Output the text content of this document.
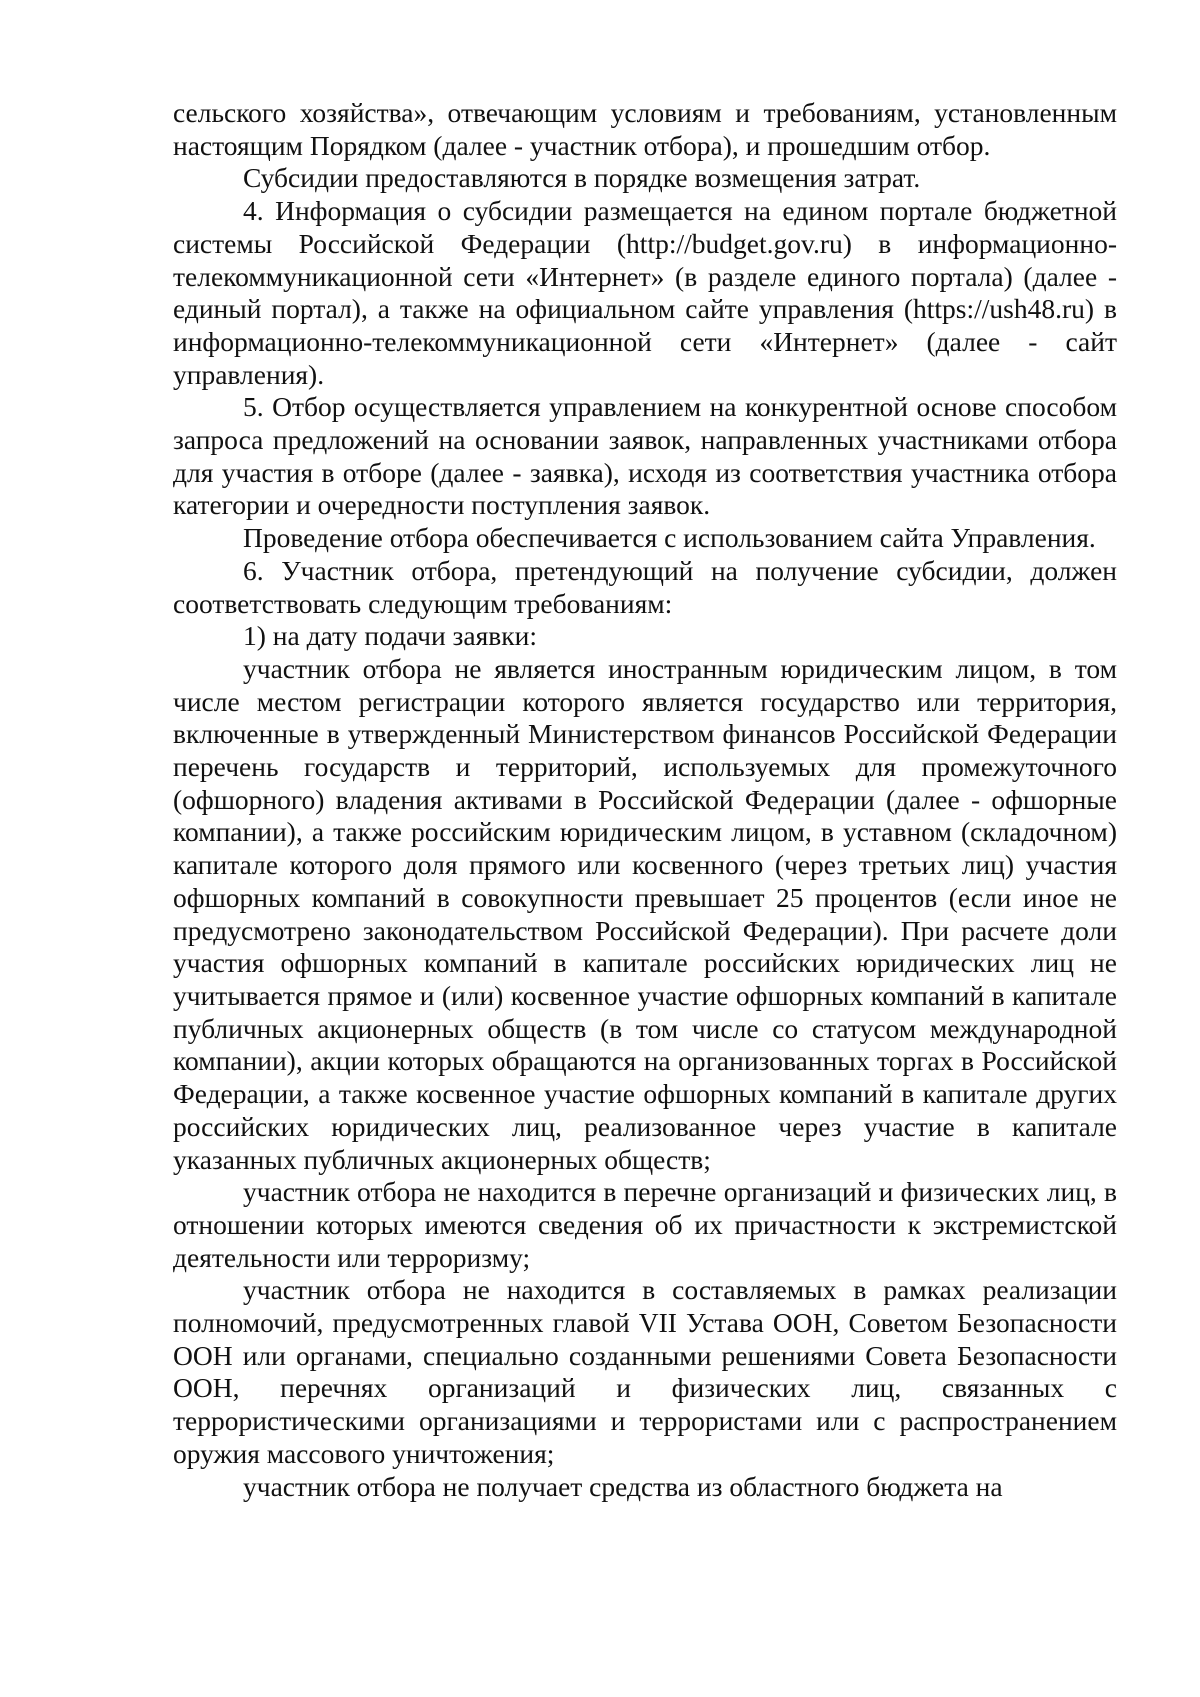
сельского хозяйства», отвечающим условиям и требованиям, установленным настоящим Порядком (далее - участник отбора), и прошедшим отбор.

Субсидии предоставляются в порядке возмещения затрат.

4. Информация о субсидии размещается на едином портале бюджетной системы Российской Федерации (http://budget.gov.ru) в информационно-телекоммуникационной сети «Интернет» (в разделе единого портала) (далее - единый портал), а также на официальном сайте управления (https://ush48.ru) в информационно-телекоммуникационной сети «Интернет» (далее - сайт управления).

5. Отбор осуществляется управлением на конкурентной основе способом запроса предложений на основании заявок, направленных участниками отбора для участия в отборе (далее - заявка), исходя из соответствия участника отбора категории и очередности поступления заявок.

Проведение отбора обеспечивается с использованием сайта Управления.

6. Участник отбора, претендующий на получение субсидии, должен соответствовать следующим требованиям:

1) на дату подачи заявки:

участник отбора не является иностранным юридическим лицом, в том числе местом регистрации которого является государство или территория, включенные в утвержденный Министерством финансов Российской Федерации перечень государств и территорий, используемых для промежуточного (офшорного) владения активами в Российской Федерации (далее - офшорные компании), а также российским юридическим лицом, в уставном (складочном) капитале которого доля прямого или косвенного (через третьих лиц) участия офшорных компаний в совокупности превышает 25 процентов (если иное не предусмотрено законодательством Российской Федерации). При расчете доли участия офшорных компаний в капитале российских юридических лиц не учитывается прямое и (или) косвенное участие офшорных компаний в капитале публичных акционерных обществ (в том числе со статусом международной компании), акции которых обращаются на организованных торгах в Российской Федерации, а также косвенное участие офшорных компаний в капитале других российских юридических лиц, реализованное через участие в капитале указанных публичных акционерных обществ;

участник отбора не находится в перечне организаций и физических лиц, в отношении которых имеются сведения об их причастности к экстремистской деятельности или терроризму;

участник отбора не находится в составляемых в рамках реализации полномочий, предусмотренных главой VII Устава ООН, Советом Безопасности ООН или органами, специально созданными решениями Совета Безопасности ООН, перечнях организаций и физических лиц, связанных с террористическими организациями и террористами или с распространением оружия массового уничтожения;

участник отбора не получает средства из областного бюджета на
